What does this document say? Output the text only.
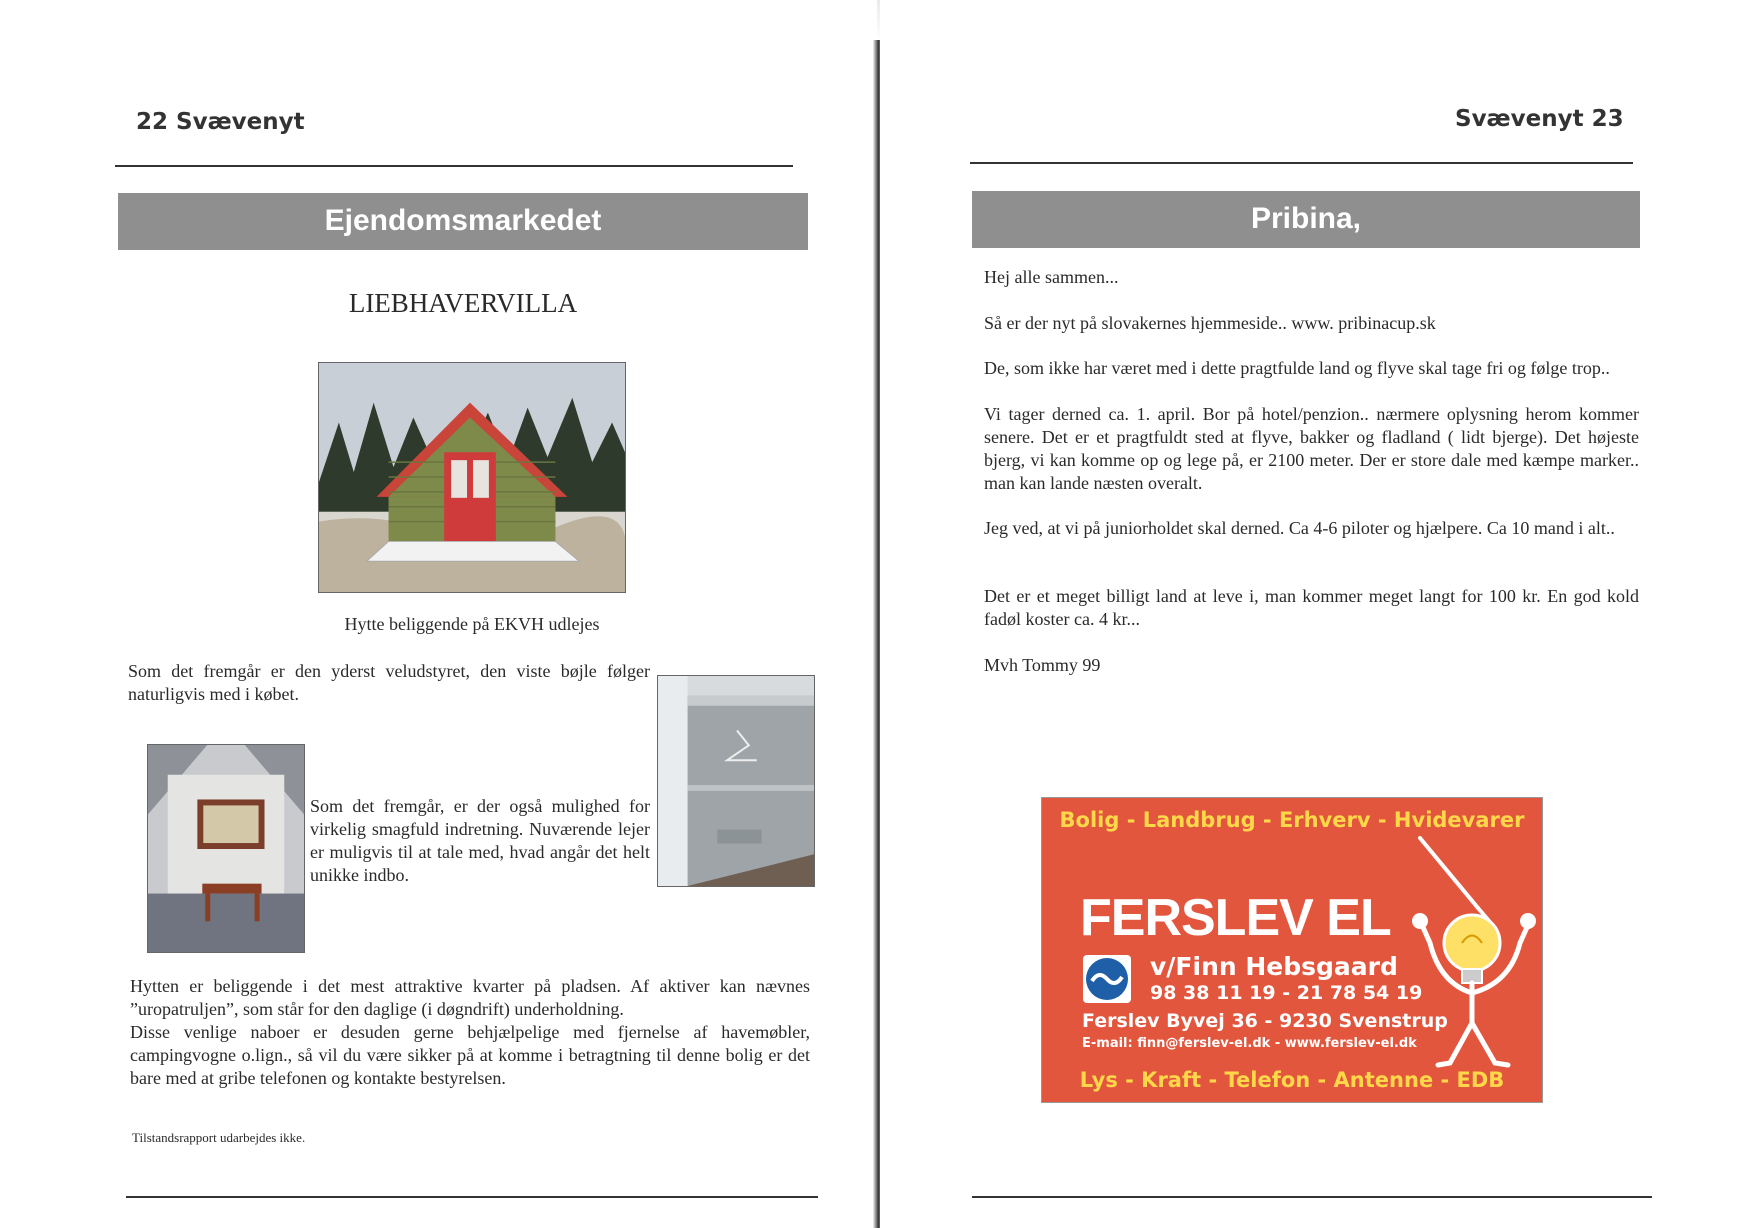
22 Svævenyt
Ejendomsmarkedet
LIEBHAVERVILLA
Hytte beliggende på EKVH udlejes
Som det fremgår er den yderst veludstyret, den viste bøjle følger naturligvis med i købet.
Som det fremgår, er der også mulighed for virkelig smagfuld indretning. Nuværende lejer er muligvis til at tale med, hvad angår det helt unikke indbo.
Hytten er beliggende i det mest attraktive kvarter på pladsen. Af aktiver kan nævnes ”uropatruljen”, som står for den daglige (i døgndrift) underholdning.
Disse venlige naboer er desuden gerne behjælpelige med fjernelse af havemøbler, campingvogne o.lign., så vil du være sikker på at komme i betragtning til denne bolig er det bare med at gribe telefonen og kontakte bestyrelsen.
Tilstandsrapport udarbejdes ikke.
Svævenyt 23
Pribina,
Hej alle sammen...
Så er der nyt på slovakernes hjemmeside.. www. pribinacup.sk
De, som ikke har været med i dette pragtfulde land og flyve skal tage fri og følge trop..
Vi tager derned ca. 1. april. Bor på hotel/penzion.. nærmere oplysning herom kommer senere. Det er et pragtfuldt sted at flyve, bakker og fladland ( lidt bjerge). Det højeste bjerg, vi kan komme op og lege på, er 2100 meter. Der er store dale med kæmpe marker.. man kan lande næsten overalt.
Jeg ved, at vi på juniorholdet skal derned. Ca 4-6 piloter og hjælpere. Ca 10 mand i alt..
Det er et meget billigt land at leve i, man kommer meget langt for 100 kr. En god kold fadøl koster ca. 4 kr...
Mvh Tommy 99
Bolig - Landbrug - Erhverv - Hvidevarer
FERSLEV EL
v/Finn Hebsgaard
98 38 11 19 - 21 78 54 19
Ferslev Byvej 36 - 9230 Svenstrup
E-mail: finn@ferslev-el.dk - www.ferslev-el.dk
Lys - Kraft - Telefon - Antenne - EDB
